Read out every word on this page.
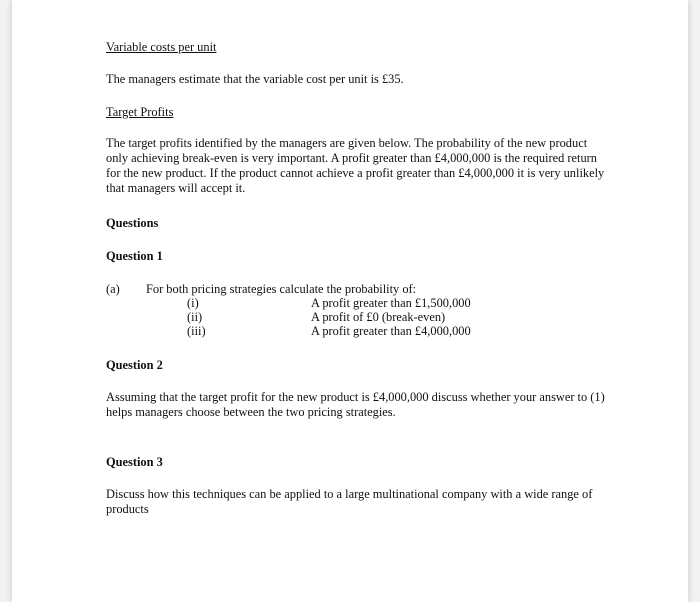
Variable costs per unit

The managers estimate that the variable cost per unit is £35.

Target Profits

The target profits identified by the managers are given below. The probability of the new product only achieving break-even is very important. A profit greater than £4,000,000 is the required return for the new product. If the product cannot achieve a profit greater than £4,000,000 it is very unlikely that managers will accept it.

Questions

Question 1

(a) For both pricing strategies calculate the probability of:
(i)	A profit greater than £1,500,000
(ii)	A profit of £0 (break-even)
(iii)	A profit greater than £4,000,000

Question 2

Assuming that the target profit for the new product is £4,000,000 discuss whether your answer to (1) helps managers choose between the two pricing strategies.

Question 3

Discuss how this techniques can be applied to a large multinational company with a wide range of products
